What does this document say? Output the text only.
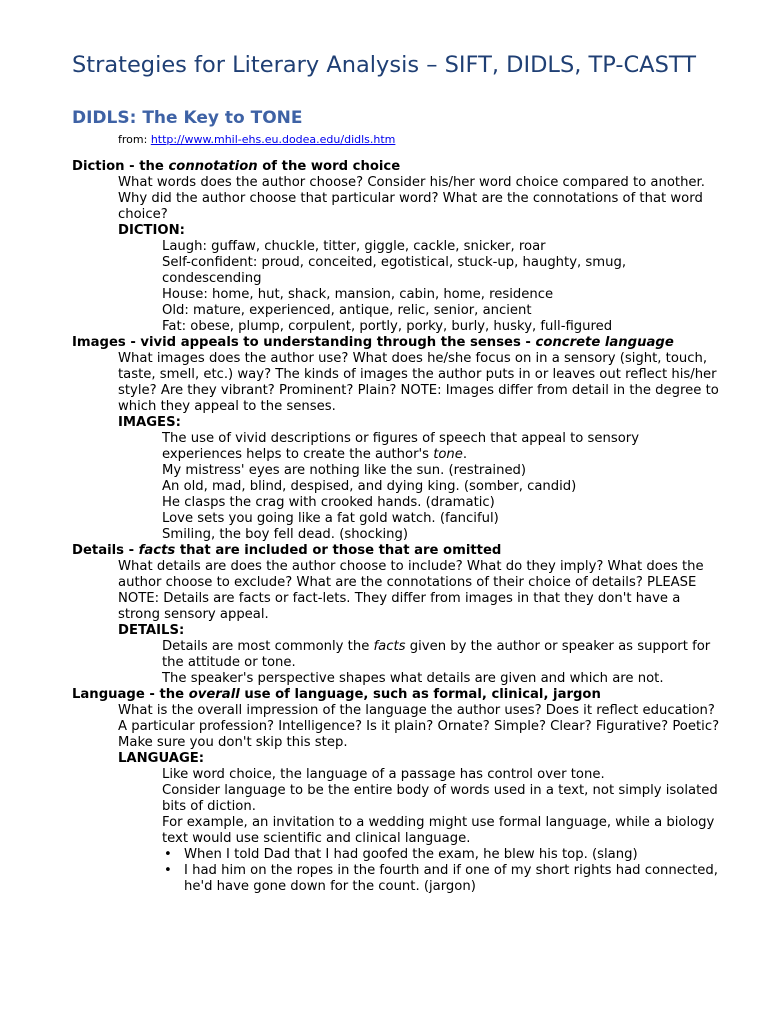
Strategies for Literary Analysis – SIFT, DIDLS, TP-CASTT
DIDLS: The Key to TONE
from: http://www.mhil-ehs.eu.dodea.edu/didls.htm

Diction - the connotation of the word choice

What words does the author choose? Consider his/her word choice compared to another. Why did the author choose that particular word? What are the connotations of that word choice?

DICTION:

Laugh: guffaw, chuckle, titter, giggle, cackle, snicker, roar
Self-confident: proud, conceited, egotistical, stuck-up, haughty, smug, condescending
House: home, hut, shack, mansion, cabin, home, residence
Old: mature, experienced, antique, relic, senior, ancient
Fat: obese, plump, corpulent, portly, porky, burly, husky, full-figured

Images - vivid appeals to understanding through the senses - concrete language

What images does the author use? What does he/she focus on in a sensory (sight, touch, taste, smell, etc.) way? The kinds of images the author puts in or leaves out reflect his/her style? Are they vibrant? Prominent? Plain? NOTE: Images differ from detail in the degree to which they appeal to the senses.

IMAGES:

The use of vivid descriptions or figures of speech that appeal to sensory experiences helps to create the author's tone.
My mistress' eyes are nothing like the sun. (restrained)
An old, mad, blind, despised, and dying king. (somber, candid)
He clasps the crag with crooked hands. (dramatic)
Love sets you going like a fat gold watch. (fanciful)
Smiling, the boy fell dead. (shocking)

Details - facts that are included or those that are omitted

What details are does the author choose to include? What do they imply? What does the author choose to exclude? What are the connotations of their choice of details? PLEASE NOTE: Details are facts or fact-lets. They differ from images in that they don't have a strong sensory appeal.

DETAILS:

Details are most commonly the facts given by the author or speaker as support for the attitude or tone.
The speaker's perspective shapes what details are given and which are not.

Language - the overall use of language, such as formal, clinical, jargon

What is the overall impression of the language the author uses? Does it reflect education? A particular profession? Intelligence? Is it plain? Ornate? Simple? Clear? Figurative? Poetic? Make sure you don't skip this step.

LANGUAGE:

Like word choice, the language of a passage has control over tone.
Consider language to be the entire body of words used in a text, not simply isolated bits of diction.
For example, an invitation to a wedding might use formal language, while a biology text would use scientific and clinical language.
• When I told Dad that I had goofed the exam, he blew his top. (slang)
• I had him on the ropes in the fourth and if one of my short rights had connected, he'd have gone down for the count. (jargon)
